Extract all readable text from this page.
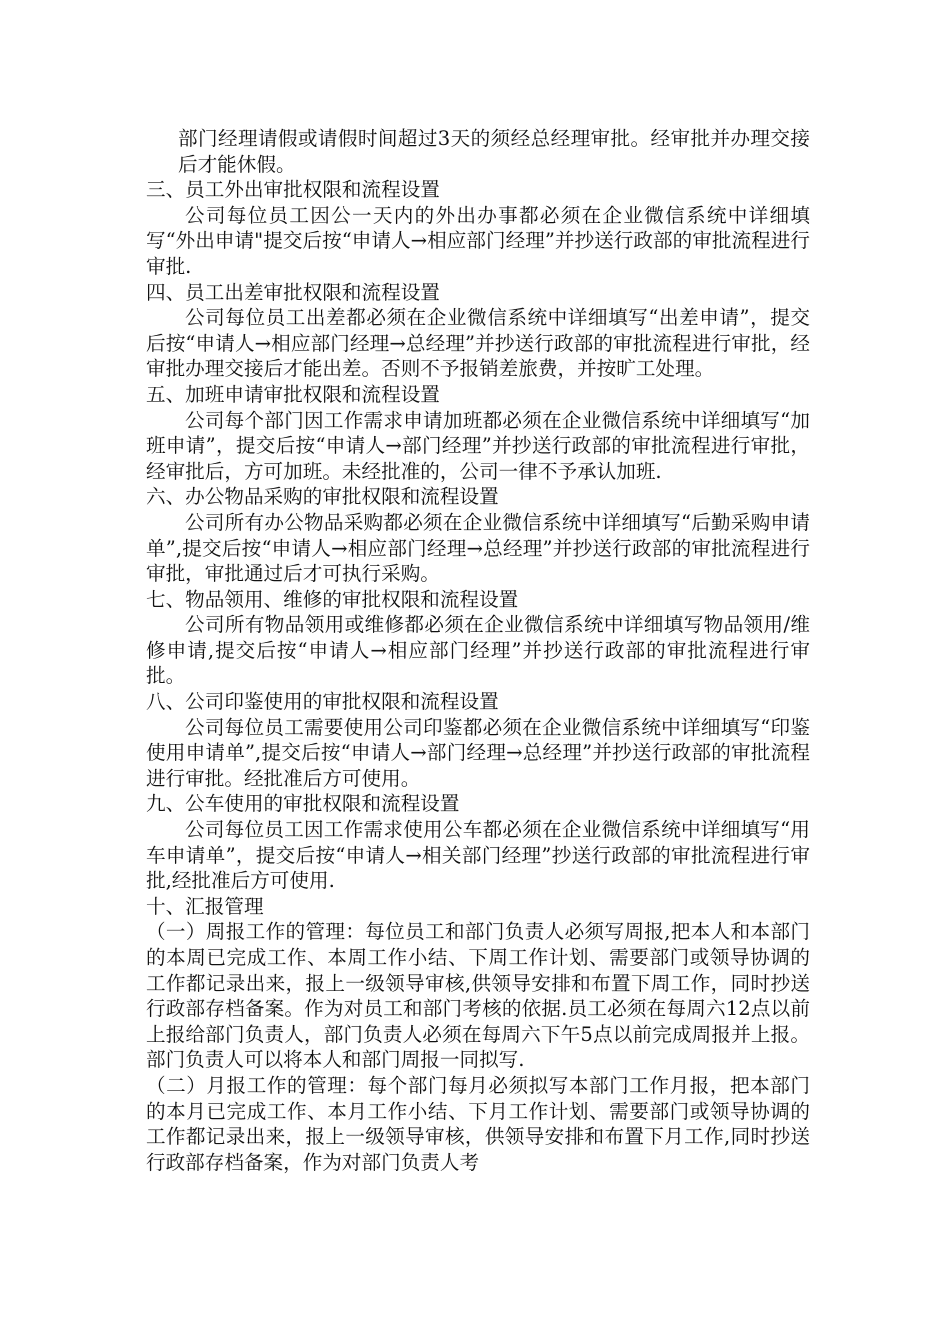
部门经理请假或请假时间超过3天的须经总经理审批。经审批并办理交接后才能休假。

三、员工外出审批权限和流程设置

公司每位员工因公一天内的外出办事都必须在企业微信系统中详细填写“外出申请"提交后按“申请人→相应部门经理”并抄送行政部的审批流程进行审批.

四、员工出差审批权限和流程设置

公司每位员工出差都必须在企业微信系统中详细填写“出差申请”，提交后按“申请人→相应部门经理→总经理”并抄送行政部的审批流程进行审批，经审批办理交接后才能出差。否则不予报销差旅费，并按旷工处理。

五、加班申请审批权限和流程设置

公司每个部门因工作需求申请加班都必须在企业微信系统中详细填写“加班申请”，提交后按“申请人→部门经理”并抄送行政部的审批流程进行审批，经审批后，方可加班。未经批准的，公司一律不予承认加班.

六、办公物品采购的审批权限和流程设置

公司所有办公物品采购都必须在企业微信系统中详细填写“后勤采购申请单”,提交后按“申请人→相应部门经理→总经理”并抄送行政部的审批流程进行审批，审批通过后才可执行采购。

七、物品领用、维修的审批权限和流程设置

公司所有物品领用或维修都必须在企业微信系统中详细填写物品领用/维修申请,提交后按“申请人→相应部门经理”并抄送行政部的审批流程进行审批。

八、公司印鉴使用的审批权限和流程设置

公司每位员工需要使用公司印鉴都必须在企业微信系统中详细填写“印鉴使用申请单”,提交后按“申请人→部门经理→总经理”并抄送行政部的审批流程进行审批。经批准后方可使用。

九、公车使用的审批权限和流程设置

公司每位员工因工作需求使用公车都必须在企业微信系统中详细填写“用车申请单”，提交后按“申请人→相关部门经理”抄送行政部的审批流程进行审批,经批准后方可使用.

十、汇报管理

（一）周报工作的管理：每位员工和部门负责人必须写周报,把本人和本部门的本周已完成工作、本周工作小结、下周工作计划、需要部门或领导协调的工作都记录出来，报上一级领导审核,供领导安排和布置下周工作，同时抄送行政部存档备案。作为对员工和部门考核的依据.员工必须在每周六12点以前上报给部门负责人，部门负责人必须在每周六下午5点以前完成周报并上报。部门负责人可以将本人和部门周报一同拟写.

（二）月报工作的管理：每个部门每月必须拟写本部门工作月报，把本部门的本月已完成工作、本月工作小结、下月工作计划、需要部门或领导协调的工作都记录出来，报上一级领导审核，供领导安排和布置下月工作,同时抄送行政部存档备案，作为对部门负责人考
